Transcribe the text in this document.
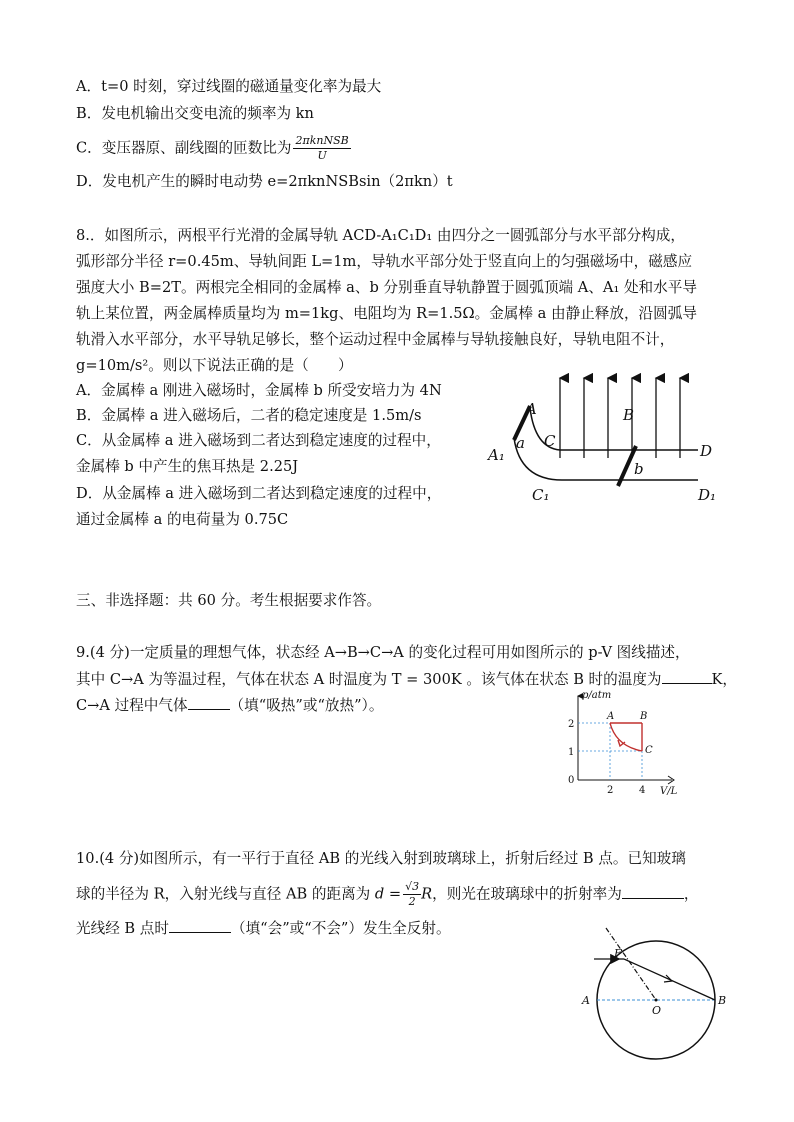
A．t=0 时刻，穿过线圈的磁通量变化率为最大
B．发电机输出交变电流的频率为 kn
C．变压器原、副线圈的匝数比为 $\frac{\text{2πknNSB}}{U}$
D．发电机产生的瞬时电动势 e=2πknNSBsin（2πkn）t
8.．如图所示，两根平行光滑的金属导轨 ACD-A₁C₁D₁ 由四分之一圆弧部分与水平部分构成，
弧形部分半径 r=0.45m、导轨间距 L=1m，导轨水平部分处于竖直向上的匀强磁场中，磁感应
强度大小 B=2T。两根完全相同的金属棒 a、b 分别垂直导轨静置于圆弧顶端 A、A₁ 处和水平导
轨上某位置，两金属棒质量均为 m=1kg、电阻均为 R=1.5Ω。金属棒 a 由静止释放，沿圆弧导
轨滑入水平部分，水平导轨足够长，整个运动过程中金属棒与导轨接触良好，导轨电阻不计，
g=10m/s²。则以下说法正确的是（　　）
A．金属棒 a 刚进入磁场时，金属棒 b 所受安培力为 4N
B．金属棒 a 进入磁场后，二者的稳定速度是 1.5m/s
C．从金属棒 a 进入磁场到二者达到稳定速度的过程中，
金属棒 b 中产生的焦耳热是 2.25J
D．从金属棒 a 进入磁场到二者达到稳定速度的过程中，
通过金属棒 a 的电荷量为 0.75C
A
A₁
a
B
C
D
b
C₁	D₁
三、非选择题：共 60 分。考生根据要求作答。
9.(4 分)一定质量的理想气体，状态经 A→B→C→A 的变化过程可用如图所示的 p-V 图线描述，
其中 C→A 为等温过程，气体在状态 A 时温度为 T = 300K 。该气体在状态 B 时的温度为	K，
C→A 过程中气体	（填“吸热”或“放热”）。
p/atm
V/L
2
1
0
2	4
A	B
C
10.(4 分)如图所示，有一平行于直径 AB 的光线入射到玻璃球上，折射后经过 B 点。已知玻璃
球的半径为 R，入射光线与直径 AB 的距离为 $d = \frac{√3}{2}$ R，则光在玻璃球中的折射率为	，
光线经 B 点时	（填“会”或“不会”）发生全反射。
F
A	B
O
